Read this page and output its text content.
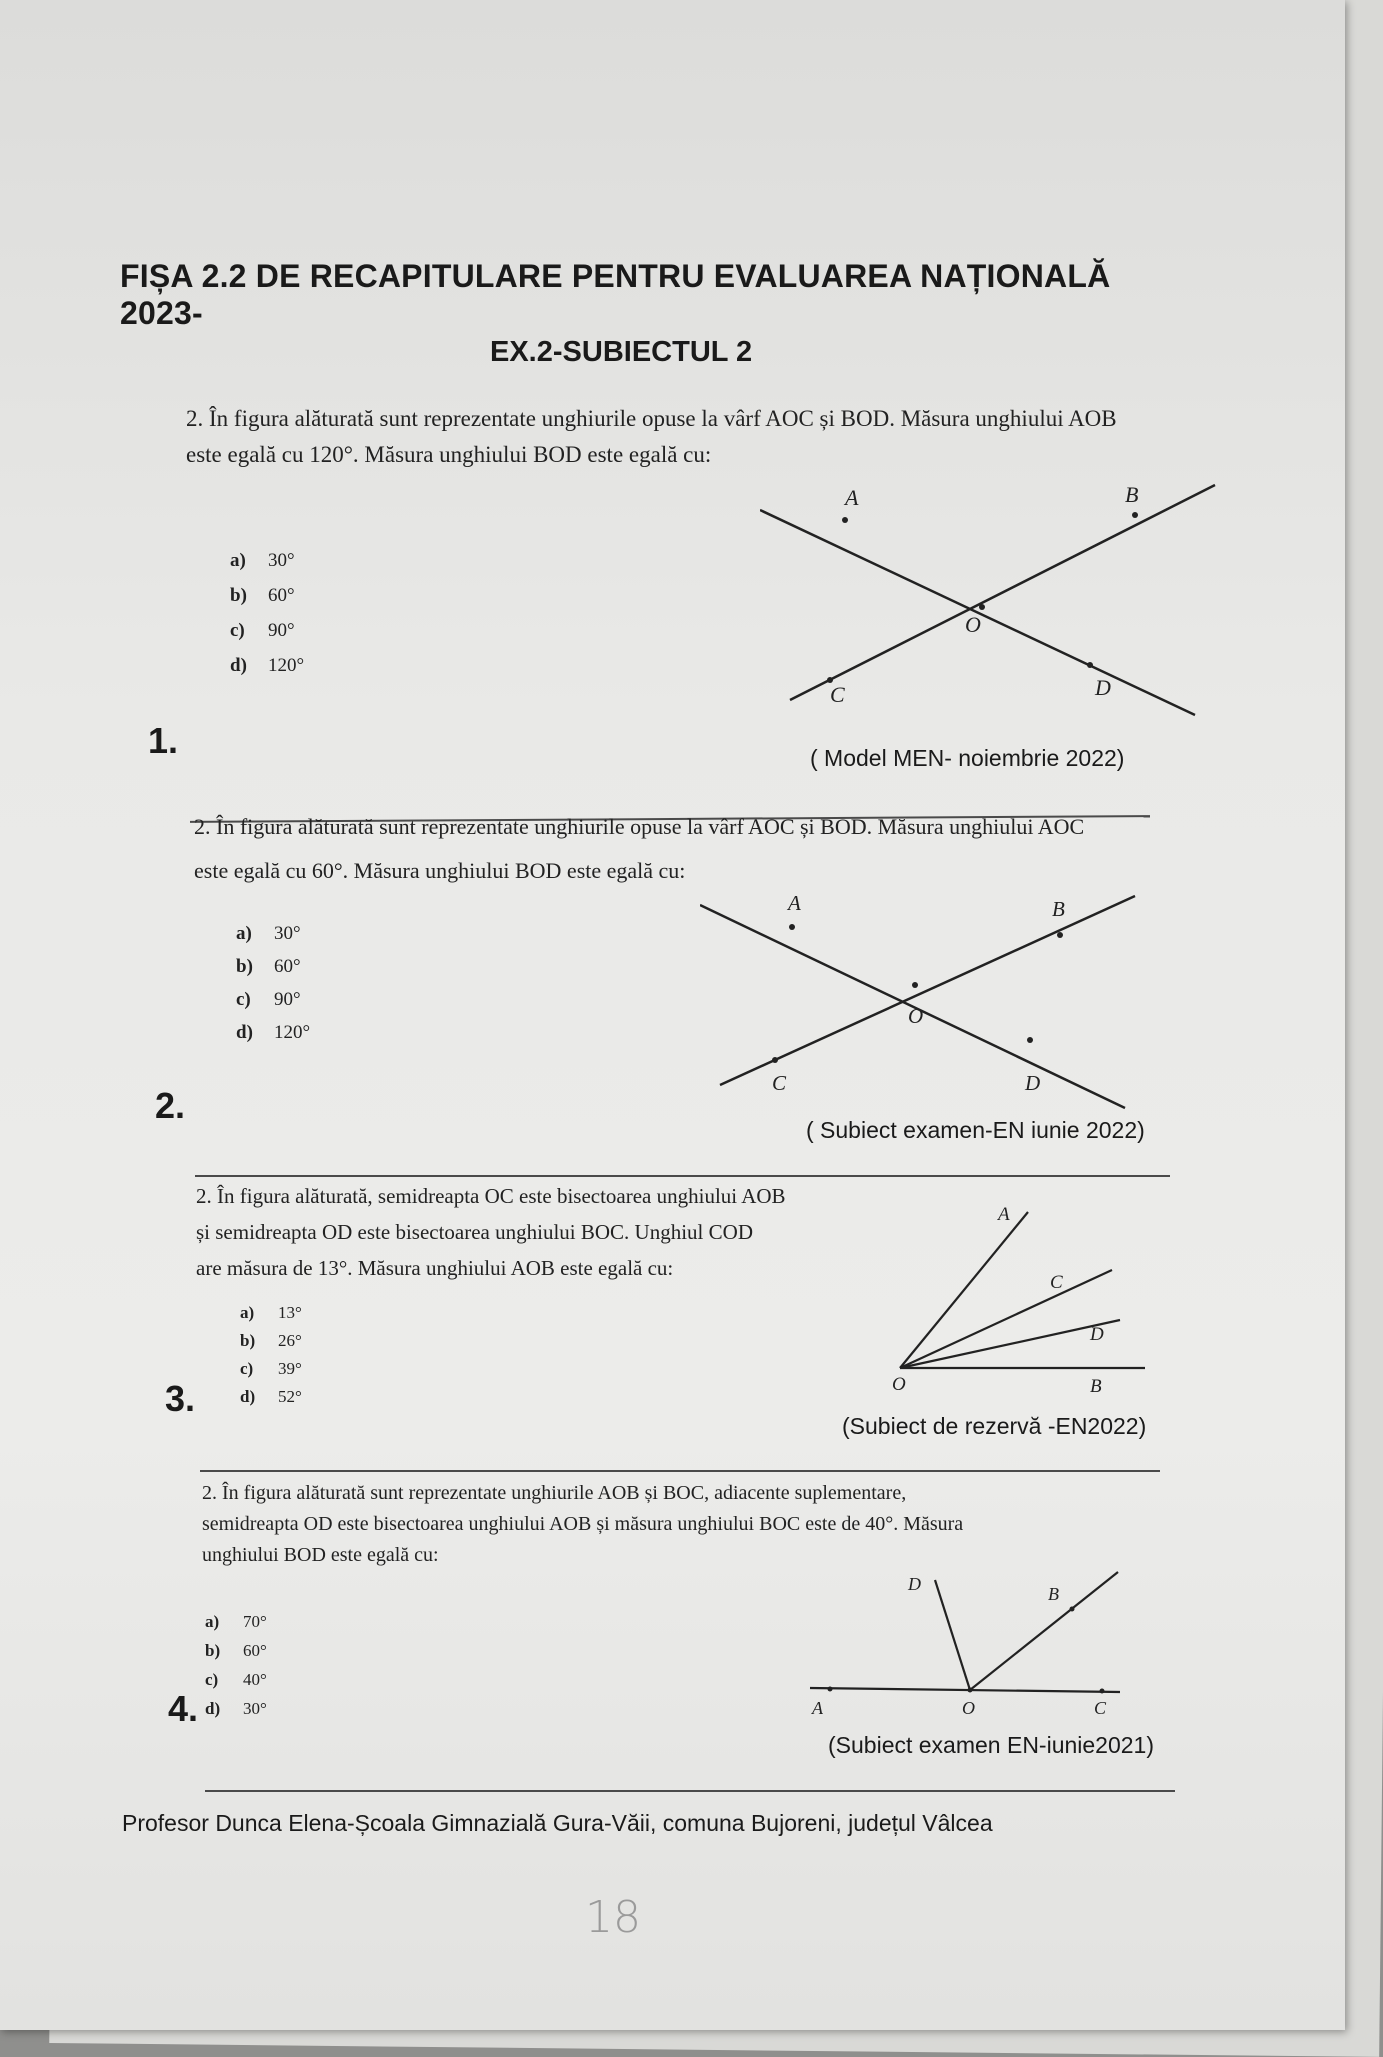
FIȘA 2.2 DE RECAPITULARE PENTRU EVALUAREA NAȚIONALĂ 2023-
EX.2-SUBIECTUL 2
2. În figura alăturată sunt reprezentate unghiurile opuse la vârf AOC și BOD. Măsura unghiului AOB
este egală cu 120°. Măsura unghiului BOD este egală cu:
a) 30°
b) 60°
c) 90°
d) 120°
A	B
O
C	D
1.	( Model MEN- noiembrie 2022)
2. În figura alăturată sunt reprezentate unghiurile opuse la vârf AOC și BOD. Măsura unghiului AOC
este egală cu 60°. Măsura unghiului BOD este egală cu:
a) 30°
b) 60°
c) 90°
d) 120°
A	B
O
C	D
2.
( Subiect examen-EN iunie 2022)
2. În figura alăturată, semidreapta OC este bisectoarea unghiului AOB
și semidreapta OD este bisectoarea unghiului BOC. Unghiul COD
are măsura de 13°. Măsura unghiului AOB este egală cu:
a) 13°
b) 26°
c) 39°
d) 52°
A
C
D
O	B
3.
(Subiect de rezervă -EN2022)
2. În figura alăturată sunt reprezentate unghiurile AOB și BOC, adiacente suplementare,
semidreapta OD este bisectoarea unghiului AOB și măsura unghiului BOC este de 40°. Măsura
unghiului BOD este egală cu:
a) 70°
b) 60°
c) 40°
d) 30°
D	B
A	O	C
4.
(Subiect examen EN-iunie2021)
Profesor Dunca Elena-Școala Gimnazială Gura-Văii, comuna Bujoreni, județul Vâlcea
18
